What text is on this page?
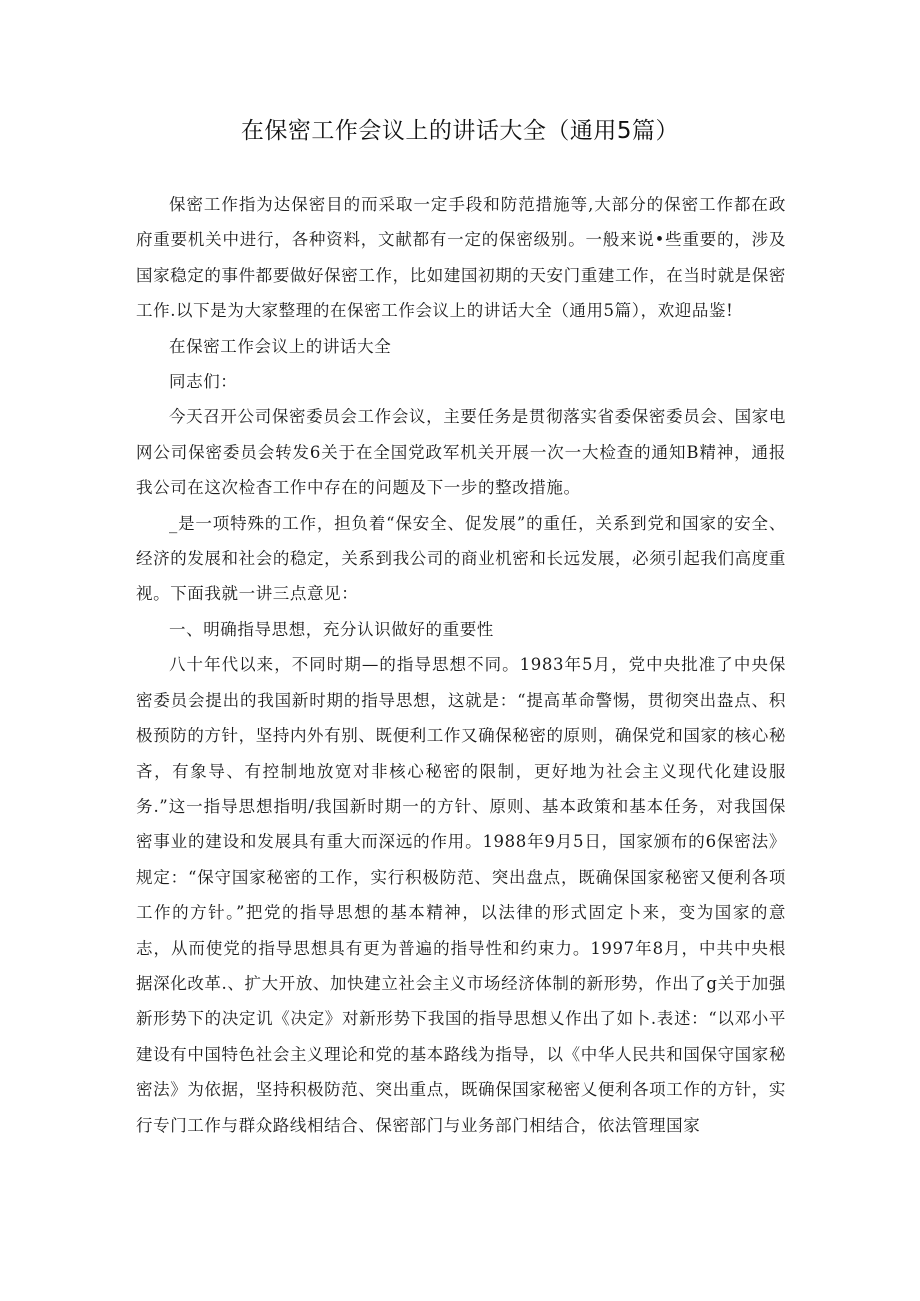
在保密工作会议上的讲话大全（通用5篇）

保密工作指为达保密目的而采取一定手段和防范措施等,大部分的保密工作都在政府重要机关中进行，各种资料，文献都有一定的保密级别。一般来说•些重要的，涉及国家稳定的事件都要做好保密工作，比如建国初期的天安门重建工作，在当时就是保密工作.以下是为大家整理的在保密工作会议上的讲话大全（通用5篇），欢迎品鉴!

在保密工作会议上的讲话大全

同志们：

今天召开公司保密委员会工作会议，主要任务是贯彻落实省委保密委员会、国家电网公司保密委员会转发6关于在全国党政军机关开展一次一大检查的通知B精神，通报我公司在这次检杳工作中存在的问题及下一步的整改措施。

_是一项特殊的工作，担负着“保安全、促发展”的重任，关系到党和国家的安全、经济的发展和社会的稳定，关系到我公司的商业机密和长远发展，必须引起我们高度重视。下面我就一讲三点意见：

一、明确指导思想，充分认识做好的重要性

八十年代以来，不同时期—的指导思想不同。1983年5月，党中央批准了中央保密委员会提出的我国新时期的指导思想，这就是：“提高革命警惕，贯彻突出盎点、积极预防的方针，坚持内外有别、既便利工作又确保秘密的原则，确保党和国家的核心秘吝，有象导、有控制地放宽对非核心秘密的限制，更好地为社会主义现代化建设服务.”这一指导思想指明/我国新时期一的方针、原则、基本政策和基本任务，对我国保密事业的建设和发展具有重大而深远的作用。1988年9月5日，国家颁布的6保密法》规定：“保守国家秘密的工作，实行积极防范、突出盘点，既确保国家秘密又便利各项工作的方针。”把党的指导思想的基本精神，以法律的形式固定卜来，变为国家的意志，从而使党的指导思想具有更为普遍的指导性和约束力。1997年8月，中共中央根据深化改革.、扩大开放、加快建立社会主义市场经济体制的新形势，作出了g关于加强新形势下的决定讥《决定》对新形势下我国的指导思想乂作出了如卜.表述：“以邓小平建设有中国特色社会主义理论和党的基本路线为指导，以《中华人民共和国保守国家秘密法》为依据，坚持积极防范、突出重点，既确保国家秘密乂便利各项工作的方针，实行专门工作与群众路线相结合、保密部门与业务部门相结合，依法管理国家
